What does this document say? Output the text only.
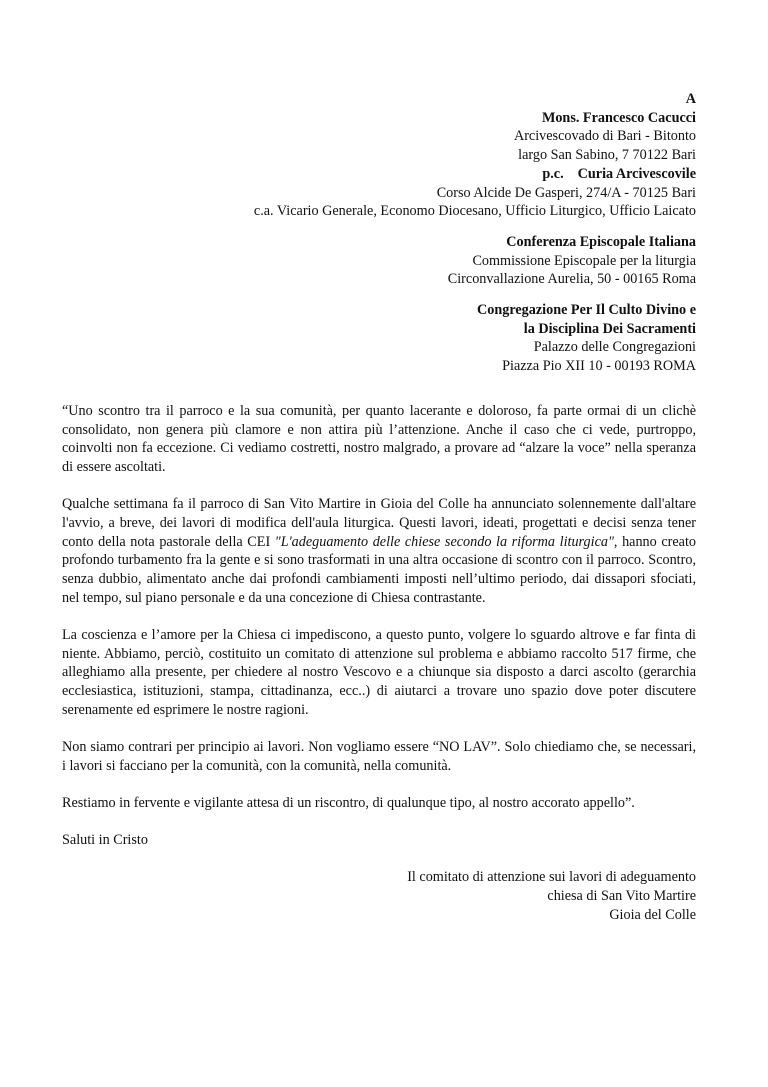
A
Mons. Francesco Cacucci
Arcivescovado di Bari - Bitonto
largo San Sabino, 7 70122 Bari
p.c. Curia Arcivescovile
Corso Alcide De Gasperi, 274/A - 70125 Bari
c.a. Vicario Generale, Economo Diocesano, Ufficio Liturgico, Ufficio Laicato
Conferenza Episcopale Italiana
Commissione Episcopale per la liturgia
Circonvallazione Aurelia, 50 - 00165 Roma
Congregazione Per Il Culto Divino e
la Disciplina Dei Sacramenti
Palazzo delle Congregazioni
Piazza Pio XII 10 - 00193 ROMA

“Uno scontro tra il parroco e la sua comunità, per quanto lacerante e doloroso, fa parte ormai di un clichè consolidato, non genera più clamore e non attira più l’attenzione. Anche il caso che ci vede, purtroppo, coinvolti non fa eccezione. Ci vediamo costretti, nostro malgrado, a provare ad “alzare la voce” nella speranza di essere ascoltati.

Qualche settimana fa il parroco di San Vito Martire in Gioia del Colle ha annunciato solennemente dall'altare l'avvio, a breve, dei lavori di modifica dell'aula liturgica. Questi lavori, ideati, progettati e decisi senza tener conto della nota pastorale della CEI "L'adeguamento delle chiese secondo la riforma liturgica", hanno creato profondo turbamento fra la gente e si sono trasformati in una altra occasione di scontro con il parroco. Scontro, senza dubbio, alimentato anche dai profondi cambiamenti imposti nell’ultimo periodo, dai dissapori sfociati, nel tempo, sul piano personale e da una concezione di Chiesa contrastante.

La coscienza e l’amore per la Chiesa ci impediscono, a questo punto, volgere lo sguardo altrove e far finta di niente. Abbiamo, perciò, costituito un comitato di attenzione sul problema e abbiamo raccolto 517 firme, che alleghiamo alla presente, per chiedere al nostro Vescovo e a chiunque sia disposto a darci ascolto (gerarchia ecclesiastica, istituzioni, stampa, cittadinanza, ecc..) di aiutarci a trovare uno spazio dove poter discutere serenamente ed esprimere le nostre ragioni.

Non siamo contrari per principio ai lavori. Non vogliamo essere “NO LAV”. Solo chiediamo che, se necessari, i lavori si facciano per la comunità, con la comunità, nella comunità.

Restiamo in fervente e vigilante attesa di un riscontro, di qualunque tipo, al nostro accorato appello”.

Saluti in Cristo

Il comitato di attenzione sui lavori di adeguamento
chiesa di San Vito Martire
Gioia del Colle
